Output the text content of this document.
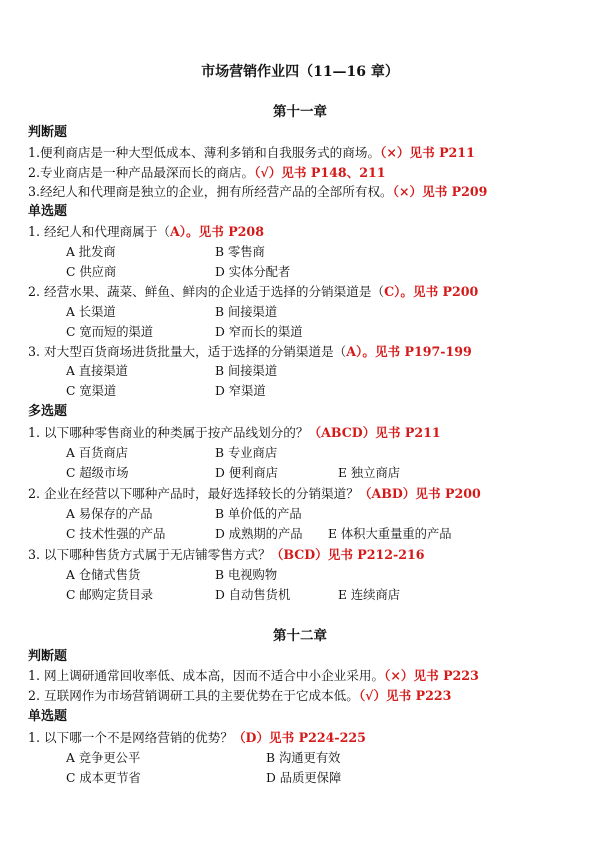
市场营销作业四（11—16 章）
第十一章
判断题
1.便利商店是一种大型低成本、薄利多销和自我服务式的商场。（×）见书 P211
2.专业商店是一种产品最深而长的商店。（√）见书 P148、211
3.经纪人和代理商是独立的企业，拥有所经营产品的全部所有权。（×）见书 P209
单选题
1. 经纪人和代理商属于（A）。见书 P208
A 批发商	B 零售商
C 供应商	D 实体分配者
2. 经营水果、蔬菜、鲜鱼、鲜肉的企业适于选择的分销渠道是（C）。见书 P200
A 长渠道	B 间接渠道
C 宽而短的渠道	D 窄而长的渠道
3. 对大型百货商场进货批量大，适于选择的分销渠道是（A）。见书 P197-199
A 直接渠道	B 间接渠道
C 宽渠道	D 窄渠道
多选题
1. 以下哪种零售商业的种类属于按产品线划分的？（ABCD）见书 P211
A 百货商店	B 专业商店
C 超级市场	D 便利商店	E 独立商店
2. 企业在经营以下哪种产品时，最好选择较长的分销渠道？（ABD）见书 P200
A 易保存的产品	B 单价低的产品
C 技术性强的产品	D 成熟期的产品 E 体积大重量重的产品
3. 以下哪种售货方式属于无店铺零售方式？（BCD）见书 P212-216
A 仓储式售货	B 电视购物
C 邮购定货目录	D 自动售货机	E 连续商店
第十二章
判断题
1. 网上调研通常回收率低、成本高，因而不适合中小企业采用。（×）见书 P223
2. 互联网作为市场营销调研工具的主要优势在于它成本低。（√）见书 P223
单选题
1. 以下哪一个不是网络营销的优势？（D）见书 P224-225
A 竞争更公平	B 沟通更有效
C 成本更节省	D 品质更保障
